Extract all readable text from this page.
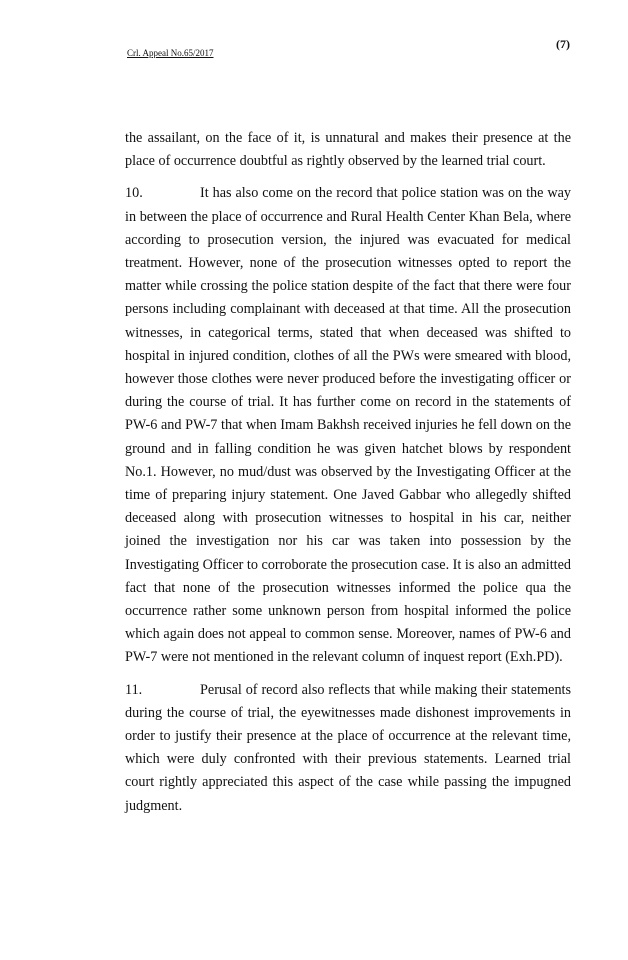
(7)
Crl. Appeal No.65/2017

the assailant, on the face of it, is unnatural and makes their presence at the place of occurrence doubtful as rightly observed by the learned trial court.

10.	It has also come on the record that police station was on the way in between the place of occurrence and Rural Health Center Khan Bela, where according to prosecution version, the injured was evacuated for medical treatment. However, none of the prosecution witnesses opted to report the matter while crossing the police station despite of the fact that there were four persons including complainant with deceased at that time. All the prosecution witnesses, in categorical terms, stated that when deceased was shifted to hospital in injured condition, clothes of all the PWs were smeared with blood, however those clothes were never produced before the investigating officer or during the course of trial. It has further come on record in the statements of PW-6 and PW-7 that when Imam Bakhsh received injuries he fell down on the ground and in falling condition he was given hatchet blows by respondent No.1. However, no mud/dust was observed by the Investigating Officer at the time of preparing injury statement. One Javed Gabbar who allegedly shifted deceased along with prosecution witnesses to hospital in his car, neither joined the investigation nor his car was taken into possession by the Investigating Officer to corroborate the prosecution case. It is also an admitted fact that none of the prosecution witnesses informed the police qua the occurrence rather some unknown person from hospital informed the police which again does not appeal to common sense. Moreover, names of PW-6 and PW-7 were not mentioned in the relevant column of inquest report (Exh.PD).

11.	Perusal of record also reflects that while making their statements during the course of trial, the eyewitnesses made dishonest improvements in order to justify their presence at the place of occurrence at the relevant time, which were duly confronted with their previous statements. Learned trial court rightly appreciated this aspect of the case while passing the impugned judgment.
